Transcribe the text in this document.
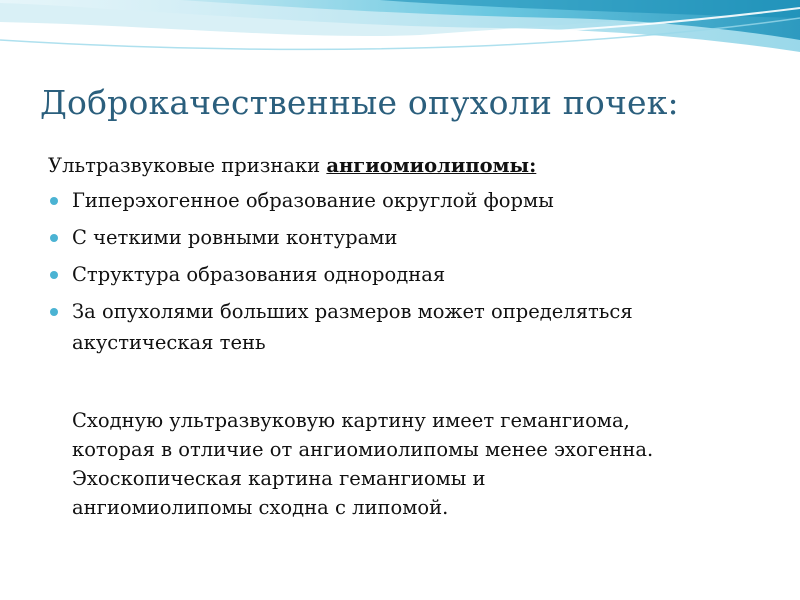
Доброкачественные опухоли почек:

Ультразвуковые признаки ангиомиолипомы:

Гиперэхогенное образование округлой формы
С четкими ровными контурами
Структура образования однородная
За опухолями больших размеров может определяться акустическая тень
Сходную ультразвуковую картину имеет гемангиома,
которая в отличие от ангиомиолипомы менее эхогенна.
Эхоскопическая картина гемангиомы и
ангиомиолипомы сходна с липомой.
